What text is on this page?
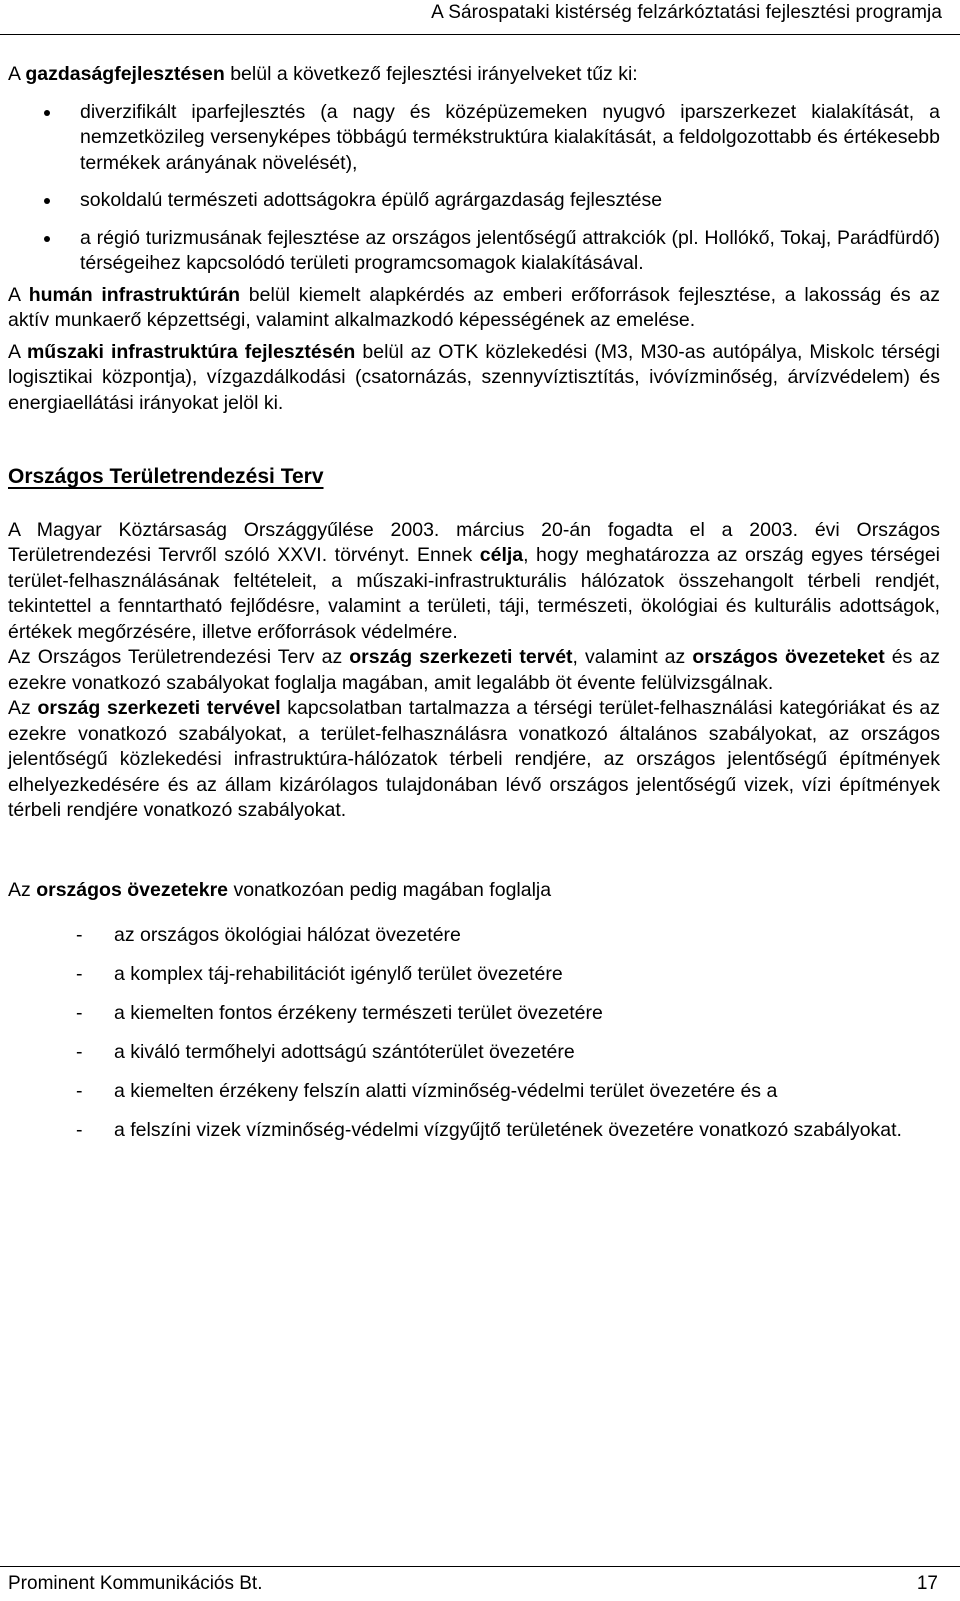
A Sárospataki kistérség felzárkóztatási fejlesztési programja

A gazdaságfejlesztésen belül a következő fejlesztési irányelveket tűz ki:

diverzifikált iparfejlesztés (a nagy és középüzemeken nyugvó iparszerkezet kialakítását, a nemzetközileg versenyképes többágú termékstruktúra kialakítását, a feldolgozottabb és értékesebb termékek arányának növelését),
sokoldalú természeti adottságokra épülő agrárgazdaság fejlesztése
a régió turizmusának fejlesztése az országos jelentőségű attrakciók (pl. Hollókő, Tokaj, Parádfürdő) térségeihez kapcsolódó területi programcsomagok kialakításával.

A humán infrastruktúrán belül kiemelt alapkérdés az emberi erőforrások fejlesztése, a lakosság és az aktív munkaerő képzettségi, valamint alkalmazkodó képességének az emelése.

A műszaki infrastruktúra fejlesztésén belül az OTK közlekedési (M3, M30-as autópálya, Miskolc térségi logisztikai központja), vízgazdálkodási (csatornázás, szennyvíztisztítás, ivóvízminőség, árvízvédelem) és energiaellátási irányokat jelöl ki.

Országos Területrendezési Terv

A Magyar Köztársaság Országgyűlése 2003. március 20-án fogadta el a 2003. évi Országos Területrendezési Tervről szóló XXVI. törvényt. Ennek célja, hogy meghatározza az ország egyes térségei terület-felhasználásának feltételeit, a műszaki-infrastrukturális hálózatok összehangolt térbeli rendjét, tekintettel a fenntartható fejlődésre, valamint a területi, táji, természeti, ökológiai és kulturális adottságok, értékek megőrzésére, illetve erőforrások védelmére.

Az Országos Területrendezési Terv az ország szerkezeti tervét, valamint az országos övezeteket és az ezekre vonatkozó szabályokat foglalja magában, amit legalább öt évente felülvizsgálnak.

Az ország szerkezeti tervével kapcsolatban tartalmazza a térségi terület-felhasználási kategóriákat és az ezekre vonatkozó szabályokat, a terület-felhasználásra vonatkozó általános szabályokat, az országos jelentőségű közlekedési infrastruktúra-hálózatok térbeli rendjére, az országos jelentőségű építmények elhelyezkedésére és az állam kizárólagos tulajdonában lévő országos jelentőségű vizek, vízi építmények térbeli rendjére vonatkozó szabályokat.

Az országos övezetekre vonatkozóan pedig magában foglalja

- az országos ökológiai hálózat övezetére
- a komplex táj-rehabilitációt igénylő terület övezetére
- a kiemelten fontos érzékeny természeti terület övezetére
- a kiváló termőhelyi adottságú szántóterület övezetére
- a kiemelten érzékeny felszín alatti vízminőség-védelmi terület övezetére és a
- a felszíni vizek vízminőség-védelmi vízgyűjtő területének övezetére vonatkozó szabályokat.
Prominent Kommunikációs Bt.	17
